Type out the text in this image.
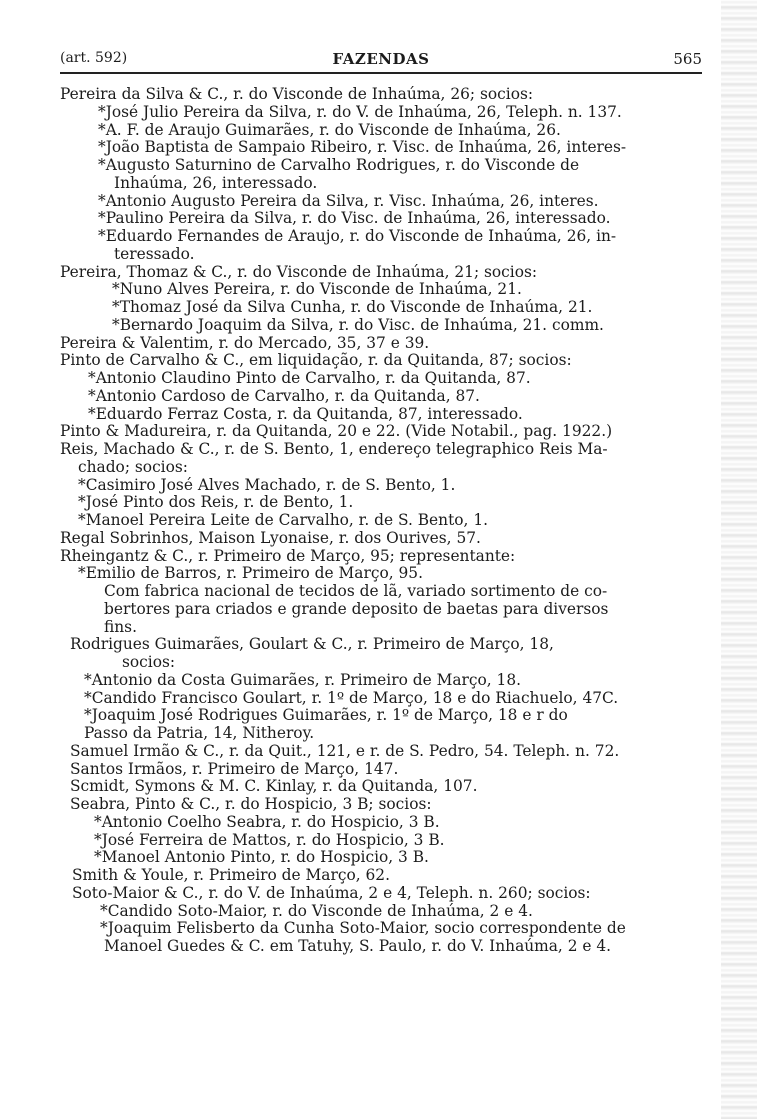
(art. 592)	FAZENDAS	565
Pereira da Silva & C., r. do Visconde de Inhaúma, 26; socios:
*José Julio Pereira da Silva, r. do V. de Inhaúma, 26, Teleph. n. 137.
*A. F. de Araujo Guimarães, r. do Visconde de Inhaúma, 26.
*João Baptista de Sampaio Ribeiro, r. Visc. de Inhaúma, 26, interes-
*Augusto Saturnino de Carvalho Rodrigues, r. do Visconde de
Inhaúma, 26, interessado.
*Antonio Augusto Pereira da Silva, r. Visc. Inhaúma, 26, interes.
*Paulino Pereira da Silva, r. do Visc. de Inhaúma, 26, interessado.
*Eduardo Fernandes de Araujo, r. do Visconde de Inhaúma, 26, in-
teressado.
Pereira, Thomaz & C., r. do Visconde de Inhaúma, 21; socios:
*Nuno Alves Pereira, r. do Visconde de Inhaúma, 21.
*Thomaz José da Silva Cunha, r. do Visconde de Inhaúma, 21.
*Bernardo Joaquim da Silva, r. do Visc. de Inhaúma, 21. comm.
Pereira & Valentim, r. do Mercado, 35, 37 e 39.
Pinto de Carvalho & C., em liquidação, r. da Quitanda, 87; socios:
*Antonio Claudino Pinto de Carvalho, r. da Quitanda, 87.
*Antonio Cardoso de Carvalho, r. da Quitanda, 87.
*Eduardo Ferraz Costa, r. da Quitanda, 87, interessado.
Pinto & Madureira, r. da Quitanda, 20 e 22. (Vide Notabil., pag. 1922.)
Reis, Machado & C., r. de S. Bento, 1, endereço telegraphico Reis Ma-
chado; socios:
*Casimiro José Alves Machado, r. de S. Bento, 1.
*José Pinto dos Reis, r. de Bento, 1.
*Manoel Pereira Leite de Carvalho, r. de S. Bento, 1.
Regal Sobrinhos, Maison Lyonaise, r. dos Ourives, 57.
Rheingantz & C., r. Primeiro de Março, 95; representante:
*Emilio de Barros, r. Primeiro de Março, 95.
Com fabrica nacional de tecidos de lã, variado sortimento de co-
bertores para criados e grande deposito de baetas para diversos
fins.
Rodrigues Guimarães, Goulart & C., r. Primeiro de Março, 18,
socios:
*Antonio da Costa Guimarães, r. Primeiro de Março, 18.
*Candido Francisco Goulart, r. 1º de Março, 18 e do Riachuelo, 47C.
*Joaquim José Rodrigues Guimarães, r. 1º de Março, 18 e r do
Passo da Patria, 14, Nitheroy.
Samuel Irmão & C., r. da Quit., 121, e r. de S. Pedro, 54. Teleph. n. 72.
Santos Irmãos, r. Primeiro de Março, 147.
Scmidt, Symons & M. C. Kinlay, r. da Quitanda, 107.
Seabra, Pinto & C., r. do Hospicio, 3 B; socios:
*Antonio Coelho Seabra, r. do Hospicio, 3 B.
*José Ferreira de Mattos, r. do Hospicio, 3 B.
*Manoel Antonio Pinto, r. do Hospicio, 3 B.
Smith & Youle, r. Primeiro de Março, 62.
Soto-Maior & C., r. do V. de Inhaúma, 2 e 4, Teleph. n. 260; socios:
*Candido Soto-Maior, r. do Visconde de Inhaúma, 2 e 4.
*Joaquim Felisberto da Cunha Soto-Maior, socio correspondente de
Manoel Guedes & C. em Tatuhy, S. Paulo, r. do V. Inhaúma, 2 e 4.
